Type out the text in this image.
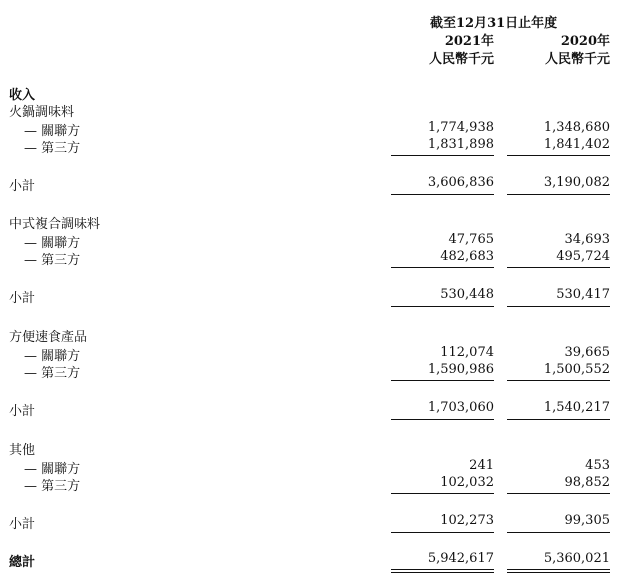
截至12月31日止年度
2021年	2020年
人民幣千元	人民幣千元
收入
火鍋調味料
— 關聯方	1,774,938	1,348,680
— 第三方	1,831,898	1,841,402
小計	3,606,836	3,190,082
中式複合調味料
— 關聯方	47,765	34,693
— 第三方	482,683	495,724
小計	530,448	530,417
方便速食產品
— 關聯方	112,074	39,665
— 第三方	1,590,986	1,500,552
小計	1,703,060	1,540,217
其他
— 關聯方	241	453
— 第三方	102,032	98,852
小計	102,273	99,305
總計	5,942,617	5,360,021
